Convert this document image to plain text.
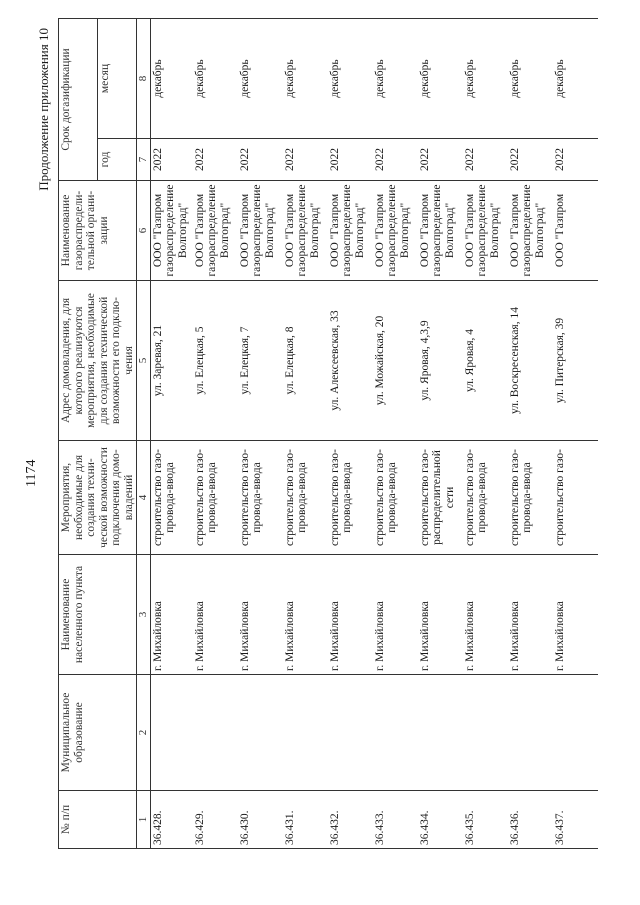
1174
Продолжение приложения 10
№ п/п	Муниципальное образование	Наименование населенного пункта	Мероприятия, необходимые для создания техни- ческой возможности подключения домо- владений	Адрес домовладения, для которого реализуются мероприятия, необходимые для создания технической возможности его подклю- чения	Наименование газораспредели- тельной органи- зации	Срок догазификации	
						год	месяц
1	2	3	4	5	6	7	8
36.428.		г. Михайловка	строительство газо- провода-ввода	ул. Заревая, 21	ООО "Газпром газораспределение Волгоград"	2022	декабрь
36.429.		г. Михайловка	строительство газо- провода-ввода	ул. Елецкая, 5	ООО "Газпром газораспределение Волгоград"	2022	декабрь
36.430.		г. Михайловка	строительство газо- провода-ввода	ул. Елецкая, 7	ООО "Газпром газораспределение Волгоград"	2022	декабрь
36.431.		г. Михайловка	строительство газо- провода-ввода	ул. Елецкая, 8	ООО "Газпром газораспределение Волгоград"	2022	декабрь
36.432.		г. Михайловка	строительство газо- провода-ввода	ул. Алексеевская, 33	ООО "Газпром газораспределение Волгоград"	2022	декабрь
36.433.		г. Михайловка	строительство газо- провода-ввода	ул. Можайская, 20	ООО "Газпром газораспределение Волгоград"	2022	декабрь
36.434.		г. Михайловка	строительство газо- распределительной сети	ул. Яровая, 4,3,9	ООО "Газпром газораспределение Волгоград"	2022	декабрь
36.435.		г. Михайловка	строительство газо- провода-ввода	ул. Яровая, 4	ООО "Газпром газораспределение Волгоград"	2022	декабрь
36.436.		г. Михайловка	строительство газо- провода-ввода	ул. Воскресенская, 14	ООО "Газпром газораспределение Волгоград"	2022	декабрь
36.437.		г. Михайловка	строительство газо-	ул. Питерская, 39	ООО "Газпром	2022	декабрь
